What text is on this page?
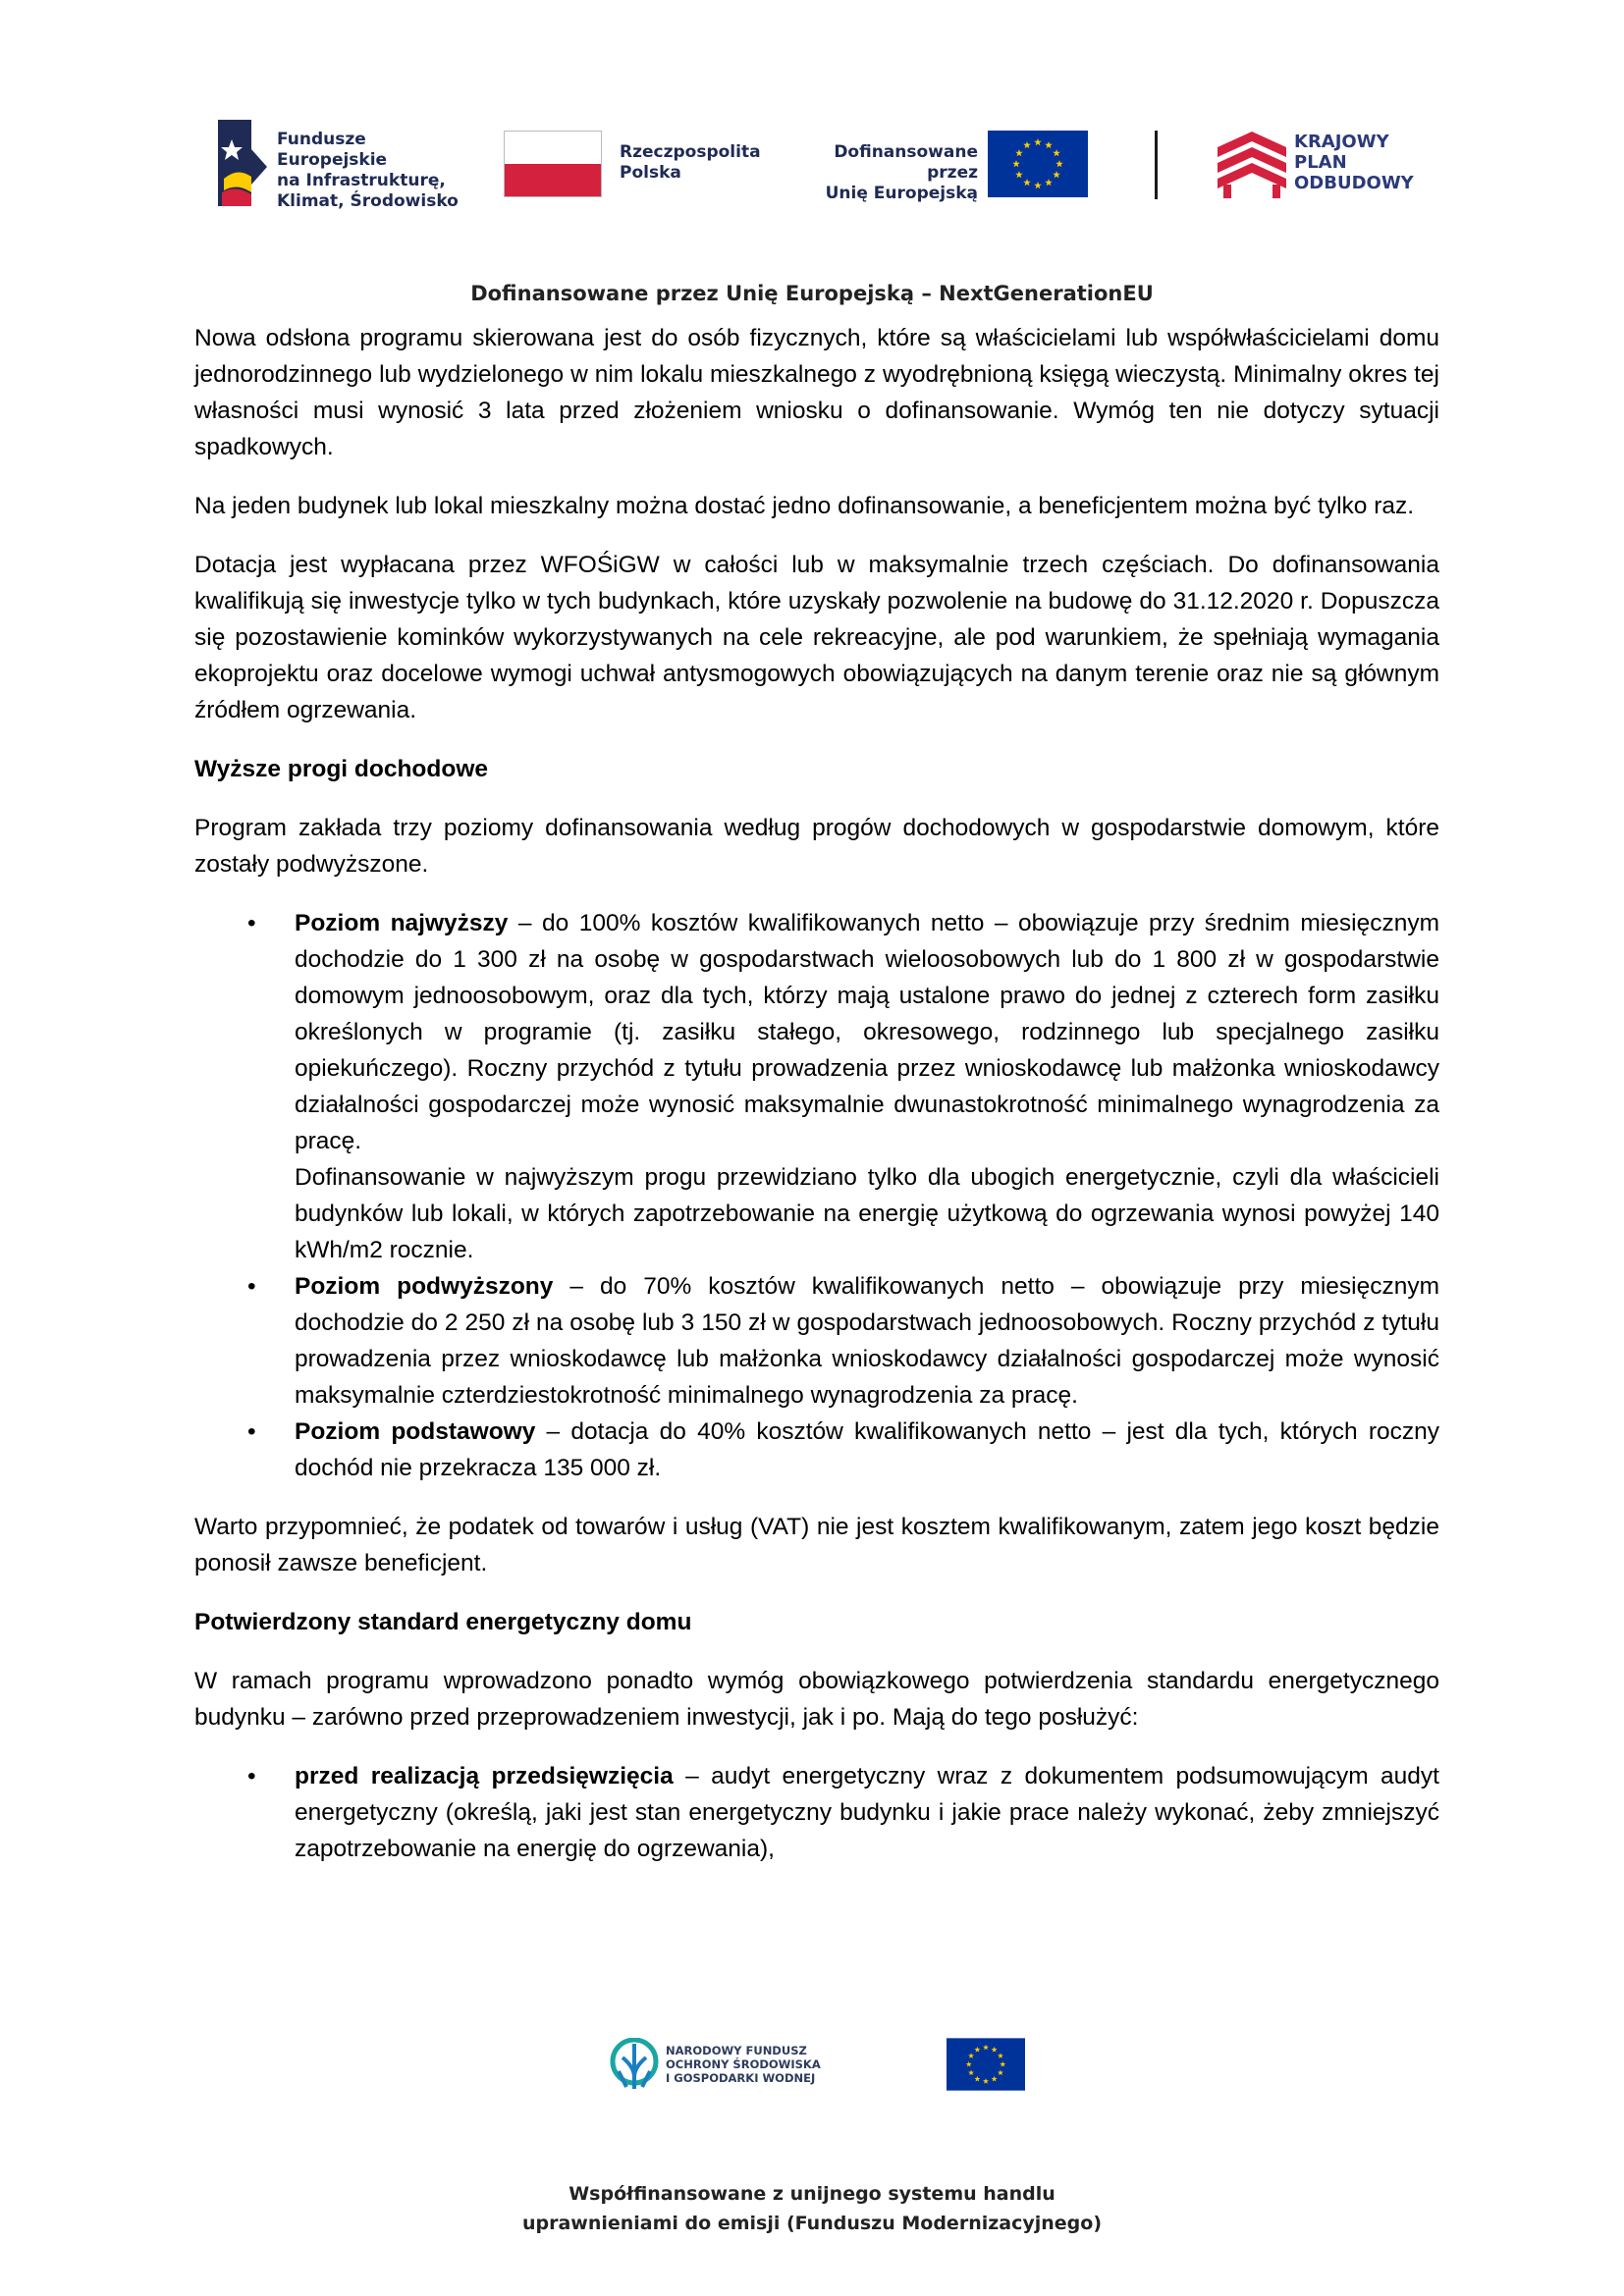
Fundusze Europejskie
na Infrastrukturę,
Klimat, Środowisko
Rzeczpospolita
Polska
Dofinansowane przez
Unię Europejską
KRAJOWY
PLAN
ODBUDOWY
Dofinansowane przez Unię Europejską – NextGenerationEU

Nowa odsłona programu skierowana jest do osób fizycznych, które są właścicielami lub współwłaścicielami domu jednorodzinnego lub wydzielonego w nim lokalu mieszkalnego z wyodrębnioną księgą wieczystą. Minimalny okres tej własności musi wynosić 3 lata przed złożeniem wniosku o dofinansowanie. Wymóg ten nie dotyczy sytuacji spadkowych.

Na jeden budynek lub lokal mieszkalny można dostać jedno dofinansowanie, a beneficjentem można być tylko raz.

Dotacja jest wypłacana przez WFOŚiGW w całości lub w maksymalnie trzech częściach. Do dofinansowania kwalifikują się inwestycje tylko w tych budynkach, które uzyskały pozwolenie na budowę do 31.12.2020 r. Dopuszcza się pozostawienie kominków wykorzystywanych na cele rekreacyjne, ale pod warunkiem, że spełniają wymagania ekoprojektu oraz docelowe wymogi uchwał antysmogowych obowiązujących na danym terenie oraz nie są głównym źródłem ogrzewania.

Wyższe progi dochodowe

Program zakłada trzy poziomy dofinansowania według progów dochodowych w gospodarstwie domowym, które zostały podwyższone.

• Poziom najwyższy – do 100% kosztów kwalifikowanych netto – obowiązuje przy średnim miesięcznym dochodzie do 1 300 zł na osobę w gospodarstwach wieloosobowych lub do 1 800 zł w gospodarstwie domowym jednoosobowym, oraz dla tych, którzy mają ustalone prawo do jednej z czterech form zasiłku określonych w programie (tj. zasiłku stałego, okresowego, rodzinnego lub specjalnego zasiłku opiekuńczego). Roczny przychód z tytułu prowadzenia przez wnioskodawcę lub małżonka wnioskodawcy działalności gospodarczej może wynosić maksymalnie dwunastokrotność minimalnego wynagrodzenia za pracę.
Dofinansowanie w najwyższym progu przewidziano tylko dla ubogich energetycznie, czyli dla właścicieli budynków lub lokali, w których zapotrzebowanie na energię użytkową do ogrzewania wynosi powyżej 140 kWh/m2 rocznie.
• Poziom podwyższony – do 70% kosztów kwalifikowanych netto – obowiązuje przy miesięcznym dochodzie do 2 250 zł na osobę lub 3 150 zł w gospodarstwach jednoosobowych. Roczny przychód z tytułu prowadzenia przez wnioskodawcę lub małżonka wnioskodawcy działalności gospodarczej może wynosić maksymalnie czterdziestokrotność minimalnego wynagrodzenia za pracę.
• Poziom podstawowy – dotacja do 40% kosztów kwalifikowanych netto – jest dla tych, których roczny dochód nie przekracza 135 000 zł.

Warto przypomnieć, że podatek od towarów i usług (VAT) nie jest kosztem kwalifikowanym, zatem jego koszt będzie ponosił zawsze beneficjent.

Potwierdzony standard energetyczny domu

W ramach programu wprowadzono ponadto wymóg obowiązkowego potwierdzenia standardu energetycznego budynku – zarówno przed przeprowadzeniem inwestycji, jak i po. Mają do tego posłużyć:

• przed realizacją przedsięwzięcia – audyt energetyczny wraz z dokumentem podsumowującym audyt energetyczny (określą, jaki jest stan energetyczny budynku i jakie prace należy wykonać, żeby zmniejszyć zapotrzebowanie na energię do ogrzewania),
NARODOWY FUNDUSZ
OCHRONY ŚRODOWISKA
I GOSPODARKI WODNEJ
Współfinansowane z unijnego systemu handlu
uprawnieniami do emisji (Funduszu Modernizacyjnego)
